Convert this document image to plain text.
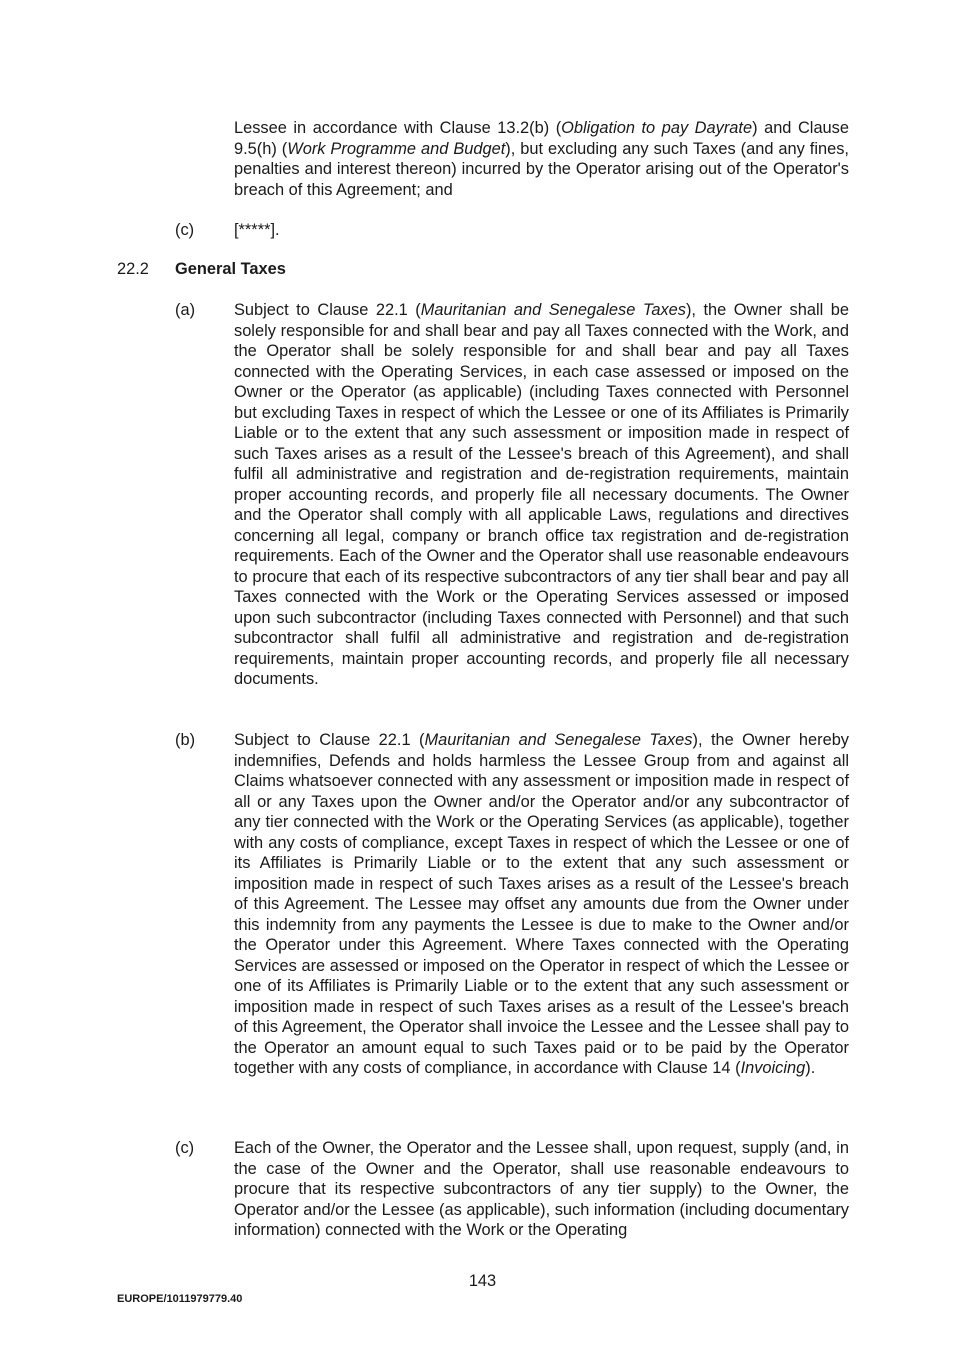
Lessee in accordance with Clause 13.2(b) (Obligation to pay Dayrate) and Clause 9.5(h) (Work Programme and Budget), but excluding any such Taxes (and any fines, penalties and interest thereon) incurred by the Operator arising out of the Operator's breach of this Agreement; and

(c) [*****].

22.2 General Taxes

(a) Subject to Clause 22.1 (Mauritanian and Senegalese Taxes), the Owner shall be solely responsible for and shall bear and pay all Taxes connected with the Work, and the Operator shall be solely responsible for and shall bear and pay all Taxes connected with the Operating Services, in each case assessed or imposed on the Owner or the Operator (as applicable) (including Taxes connected with Personnel but excluding Taxes in respect of which the Lessee or one of its Affiliates is Primarily Liable or to the extent that any such assessment or imposition made in respect of such Taxes arises as a result of the Lessee's breach of this Agreement), and shall fulfil all administrative and registration and de-registration requirements, maintain proper accounting records, and properly file all necessary documents. The Owner and the Operator shall comply with all applicable Laws, regulations and directives concerning all legal, company or branch office tax registration and de-registration requirements. Each of the Owner and the Operator shall use reasonable endeavours to procure that each of its respective subcontractors of any tier shall bear and pay all Taxes connected with the Work or the Operating Services assessed or imposed upon such subcontractor (including Taxes connected with Personnel) and that such subcontractor shall fulfil all administrative and registration and de-registration requirements, maintain proper accounting records, and properly file all necessary documents.

(b) Subject to Clause 22.1 (Mauritanian and Senegalese Taxes), the Owner hereby indemnifies, Defends and holds harmless the Lessee Group from and against all Claims whatsoever connected with any assessment or imposition made in respect of all or any Taxes upon the Owner and/or the Operator and/or any subcontractor of any tier connected with the Work or the Operating Services (as applicable), together with any costs of compliance, except Taxes in respect of which the Lessee or one of its Affiliates is Primarily Liable or to the extent that any such assessment or imposition made in respect of such Taxes arises as a result of the Lessee's breach of this Agreement. The Lessee may offset any amounts due from the Owner under this indemnity from any payments the Lessee is due to make to the Owner and/or the Operator under this Agreement. Where Taxes connected with the Operating Services are assessed or imposed on the Operator in respect of which the Lessee or one of its Affiliates is Primarily Liable or to the extent that any such assessment or imposition made in respect of such Taxes arises as a result of the Lessee's breach of this Agreement, the Operator shall invoice the Lessee and the Lessee shall pay to the Operator an amount equal to such Taxes paid or to be paid by the Operator together with any costs of compliance, in accordance with Clause 14 (Invoicing).

(c) Each of the Owner, the Operator and the Lessee shall, upon request, supply (and, in the case of the Owner and the Operator, shall use reasonable endeavours to procure that its respective subcontractors of any tier supply) to the Owner, the Operator and/or the Lessee (as applicable), such information (including documentary information) connected with the Work or the Operating

143

EUROPE/1011979779.40
